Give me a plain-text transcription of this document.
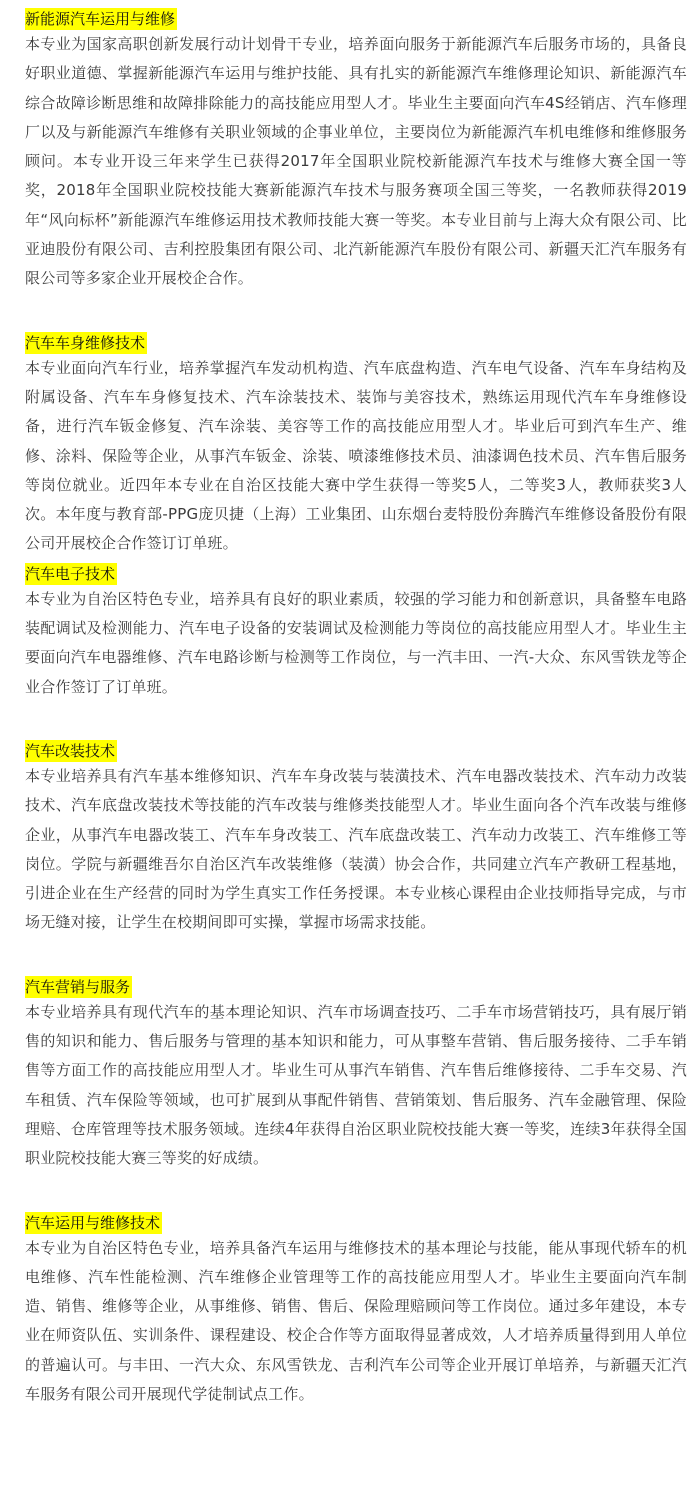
新能源汽车运用与维修

本专业为国家高职创新发展行动计划骨干专业，培养面向服务于新能源汽车后服务市场的，具备良好职业道德、掌握新能源汽车运用与维护技能、具有扎实的新能源汽车维修理论知识、新能源汽车综合故障诊断思维和故障排除能力的高技能应用型人才。毕业生主要面向汽车4S经销店、汽车修理厂以及与新能源汽车维修有关职业领域的企事业单位，主要岗位为新能源汽车机电维修和维修服务顾问。本专业开设三年来学生已获得2017年全国职业院校新能源汽车技术与维修大赛全国一等奖，2018年全国职业院校技能大赛新能源汽车技术与服务赛项全国三等奖，一名教师获得2019年“风向标杯”新能源汽车维修运用技术教师技能大赛一等奖。本专业目前与上海大众有限公司、比亚迪股份有限公司、吉利控股集团有限公司、北汽新能源汽车股份有限公司、新疆天汇汽车服务有限公司等多家企业开展校企合作。

汽车车身维修技术

本专业面向汽车行业，培养掌握汽车发动机构造、汽车底盘构造、汽车电气设备、汽车车身结构及附属设备、汽车车身修复技术、汽车涂装技术、装饰与美容技术，熟练运用现代汽车车身维修设备，进行汽车钣金修复、汽车涂装、美容等工作的高技能应用型人才。毕业后可到汽车生产、维修、涂料、保险等企业，从事汽车钣金、涂装、喷漆维修技术员、油漆调色技术员、汽车售后服务等岗位就业。近四年本专业在自治区技能大赛中学生获得一等奖5人，二等奖3人，教师获奖3人次。本年度与教育部-PPG庞贝捷（上海）工业集团、山东烟台麦特股份奔腾汽车维修设备股份有限公司开展校企合作签订订单班。

汽车电子技术

本专业为自治区特色专业，培养具有良好的职业素质，较强的学习能力和创新意识，具备整车电路装配调试及检测能力、汽车电子设备的安装调试及检测能力等岗位的高技能应用型人才。毕业生主要面向汽车电器维修、汽车电路诊断与检测等工作岗位，与一汽丰田、一汽-大众、东风雪铁龙等企业合作签订了订单班。

汽车改装技术

本专业培养具有汽车基本维修知识、汽车车身改装与装潢技术、汽车电器改装技术、汽车动力改装技术、汽车底盘改装技术等技能的汽车改装与维修类技能型人才。毕业生面向各个汽车改装与维修企业，从事汽车电器改装工、汽车车身改装工、汽车底盘改装工、汽车动力改装工、汽车维修工等岗位。学院与新疆维吾尔自治区汽车改装维修（装潢）协会合作，共同建立汽车产教研工程基地，引进企业在生产经营的同时为学生真实工作任务授课。本专业核心课程由企业技师指导完成，与市场无缝对接，让学生在校期间即可实操，掌握市场需求技能。

汽车营销与服务

本专业培养具有现代汽车的基本理论知识、汽车市场调查技巧、二手车市场营销技巧，具有展厅销售的知识和能力、售后服务与管理的基本知识和能力，可从事整车营销、售后服务接待、二手车销售等方面工作的高技能应用型人才。毕业生可从事汽车销售、汽车售后维修接待、二手车交易、汽车租赁、汽车保险等领域，也可扩展到从事配件销售、营销策划、售后服务、汽车金融管理、保险理赔、仓库管理等技术服务领域。连续4年获得自治区职业院校技能大赛一等奖，连续3年获得全国职业院校技能大赛三等奖的好成绩。

汽车运用与维修技术

本专业为自治区特色专业，培养具备汽车运用与维修技术的基本理论与技能，能从事现代轿车的机电维修、汽车性能检测、汽车维修企业管理等工作的高技能应用型人才。毕业生主要面向汽车制造、销售、维修等企业，从事维修、销售、售后、保险理赔顾问等工作岗位。通过多年建设，本专业在师资队伍、实训条件、课程建设、校企合作等方面取得显著成效，人才培养质量得到用人单位的普遍认可。与丰田、一汽大众、东风雪铁龙、吉利汽车公司等企业开展订单培养，与新疆天汇汽车服务有限公司开展现代学徒制试点工作。
